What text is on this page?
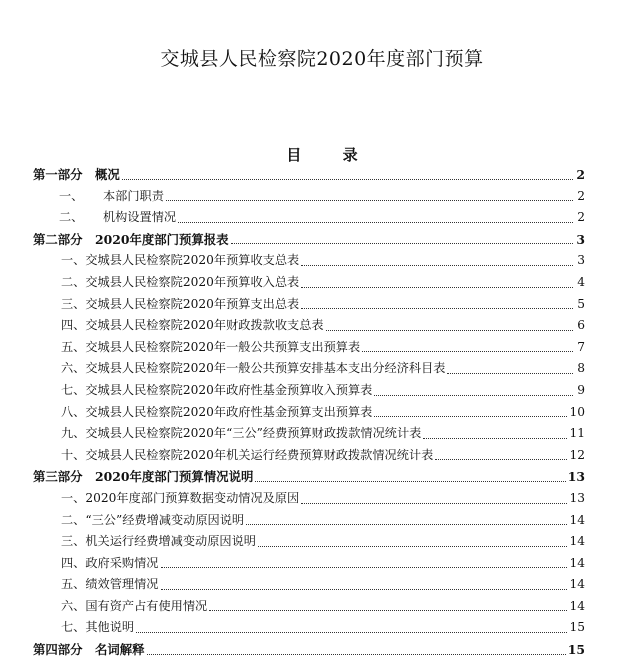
交城县人民检察院2020年度部门预算
目 录
第一部分　概况	2
一、 本部门职责	2
二、 机构设置情况	2
第二部分　2020年度部门预算报表	3
一、交城县人民检察院2020年预算收支总表	3
二、交城县人民检察院2020年预算收入总表	4
三、交城县人民检察院2020年预算支出总表	5
四、交城县人民检察院2020年财政拨款收支总表	6
五、交城县人民检察院2020年一般公共预算支出预算表	7
六、交城县人民检察院2020年一般公共预算安排基本支出分经济科目表	8
七、交城县人民检察院2020年政府性基金预算收入预算表	9
八、交城县人民检察院2020年政府性基金预算支出预算表	10
九、交城县人民检察院2020年“三公”经费预算财政拨款情况统计表	11
十、交城县人民检察院2020年机关运行经费预算财政拨款情况统计表	12
第三部分　2020年度部门预算情况说明	13
一、2020年度部门预算数据变动情况及原因	13
二、“三公”经费增减变动原因说明	14
三、机关运行经费增减变动原因说明	14
四、政府采购情况	14
五、绩效管理情况	14
六、国有资产占有使用情况	14
七、其他说明	15
第四部分　名词解释	15
